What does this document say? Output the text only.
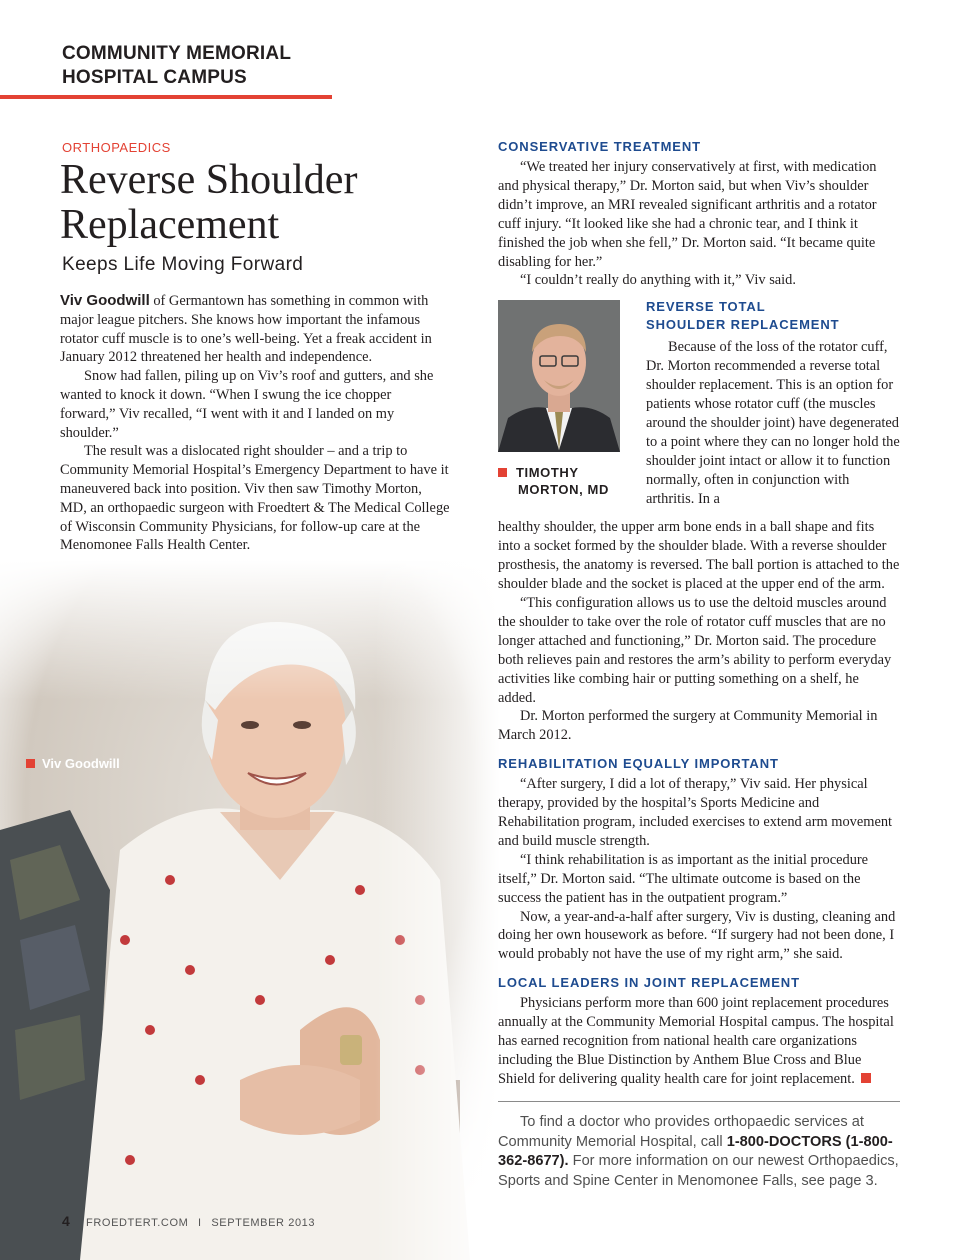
COMMUNITY MEMORIAL
HOSPITAL CAMPUS
ORTHOPAEDICS
Reverse Shoulder
Replacement
Keeps Life Moving Forward

Viv Goodwill of Germantown has something in common with major league pitchers. She knows how important the infamous rotator cuff muscle is to one’s well-being. Yet a freak accident in January 2012 threatened her health and independence.

Snow had fallen, piling up on Viv’s roof and gutters, and she wanted to knock it down. “When I swung the ice chopper forward,” Viv recalled, “I went with it and I landed on my shoulder.”

The result was a dislocated right shoulder – and a trip to Community Memorial Hospital’s Emergency Department to have it maneuvered back into position. Viv then saw Timothy Morton, MD, an orthopaedic surgeon with Froedtert & The Medical College of Wisconsin Community Physicians, for follow-up care at the Menomonee Falls Health Center.

Viv Goodwill
4 FROEDTERT.COM I SEPTEMBER 2013
CONSERVATIVE TREATMENT

“We treated her injury conservatively at first, with medication and physical therapy,” Dr. Morton said, but when Viv’s shoulder didn’t improve, an MRI revealed significant arthritis and a rotator cuff injury. “It looked like she had a chronic tear, and I think it finished the job when she fell,” Dr. Morton said. “It became quite disabling for her.”

“I couldn’t really do anything with it,” Viv said.

TIMOTHY
MORTON, MD
REVERSE TOTAL
SHOULDER REPLACEMENT

Because of the loss of the rotator cuff, Dr. Morton recommended a reverse total shoulder replacement. This is an option for patients whose rotator cuff (the muscles around the shoulder joint) have degenerated to a point where they can no longer hold the shoulder joint intact or allow it to function normally, often in conjunction with arthritis. In a

healthy shoulder, the upper arm bone ends in a ball shape and fits into a socket formed by the shoulder blade. With a reverse shoulder prosthesis, the anatomy is reversed. The ball portion is attached to the shoulder blade and the socket is placed at the upper end of the arm.

“This configuration allows us to use the deltoid muscles around the shoulder to take over the role of rotator cuff muscles that are no longer attached and functioning,” Dr. Morton said. The procedure both relieves pain and restores the arm’s ability to perform everyday activities like combing hair or putting something on a shelf, he added.

Dr. Morton performed the surgery at Community Memorial in March 2012.

REHABILITATION EQUALLY IMPORTANT

“After surgery, I did a lot of therapy,” Viv said. Her physical therapy, provided by the hospital’s Sports Medicine and Rehabilitation program, included exercises to extend arm movement and build muscle strength.

“I think rehabilitation is as important as the initial procedure itself,” Dr. Morton said. “The ultimate outcome is based on the success the patient has in the outpatient program.”

Now, a year-and-a-half after surgery, Viv is dusting, cleaning and doing her own housework as before. “If surgery had not been done, I would probably not have the use of my right arm,” she said.

LOCAL LEADERS IN JOINT REPLACEMENT

Physicians perform more than 600 joint replacement procedures annually at the Community Memorial Hospital campus. The hospital has earned recognition from national health care organizations including the Blue Distinction by Anthem Blue Cross and Blue Shield for delivering quality health care for joint replacement.

To find a doctor who provides orthopaedic services at Community Memorial Hospital, call 1-800-DOCTORS (1-800-362-8677). For more information on our newest Orthopaedics, Sports and Spine Center in Menomonee Falls, see page 3.
